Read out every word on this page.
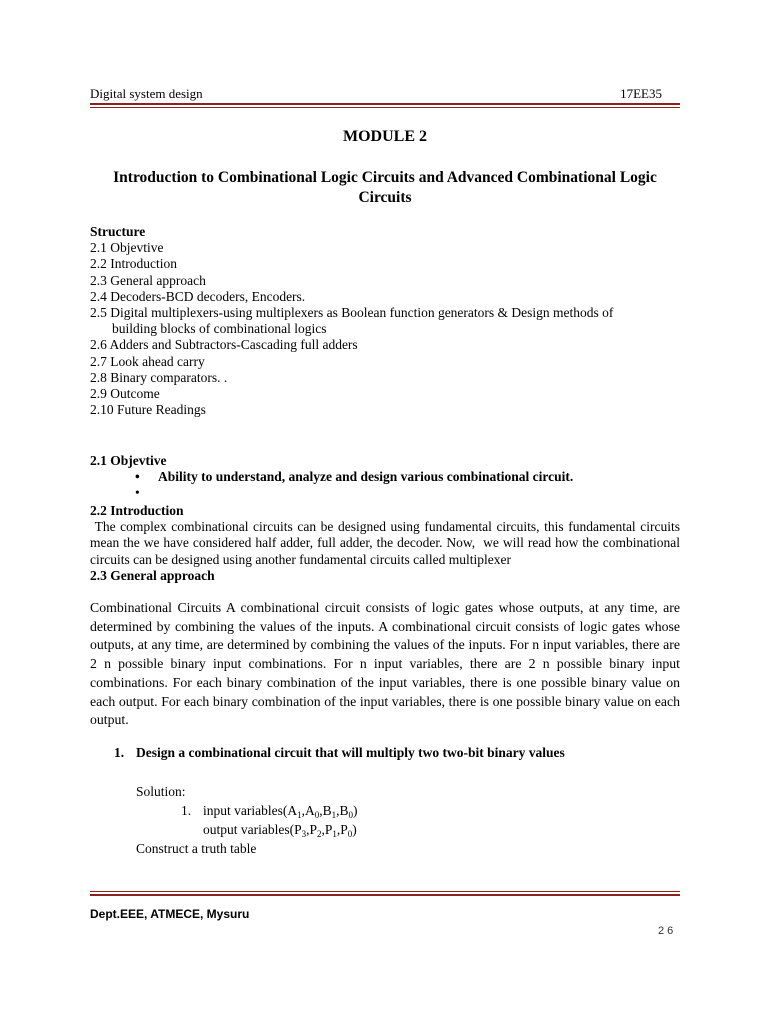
Digital system design	17EE35
MODULE 2
Introduction to Combinational Logic Circuits and Advanced Combinational Logic Circuits
Structure
2.1 Objevtive
2.2 Introduction
2.3 General approach
2.4 Decoders-BCD decoders, Encoders.
2.5 Digital multiplexers-using multiplexers as Boolean function generators & Design methods of
building blocks of combinational logics
2.6 Adders and Subtractors-Cascading full adders
2.7 Look ahead carry
2.8 Binary comparators. .
2.9 Outcome
2.10 Future Readings
2.1 Objevtive
• Ability to understand, analyze and design various combinational circuit.
•

2.2 Introduction
The complex combinational circuits can be designed using fundamental circuits, this fundamental circuits mean the we have considered half adder, full adder, the decoder. Now,  we will read how the combinational circuits can be designed using another fundamental circuits called multiplexer
2.3 General approach
Combinational Circuits A combinational circuit consists of logic gates whose outputs, at any time, are determined by combining the values of the inputs. A combinational circuit consists of logic gates whose outputs, at any time, are determined by combining the values of the inputs. For n input variables, there are 2 n possible binary input combinations. For n input variables, there are 2 n possible binary input combinations. For each binary combination of the input variables, there is one possible binary value on each output. For each binary combination of the input variables, there is one possible binary value on each output.
1. Design a combinational circuit that will multiply two two-bit binary values
Solution:
1. input $variables(A_1,A_0,B_1,B_0)$
output $variables(P_3,P_2,P_1,P_0)$
Construct a truth table
Dept.EEE, ATMECE, Mysuru
26
